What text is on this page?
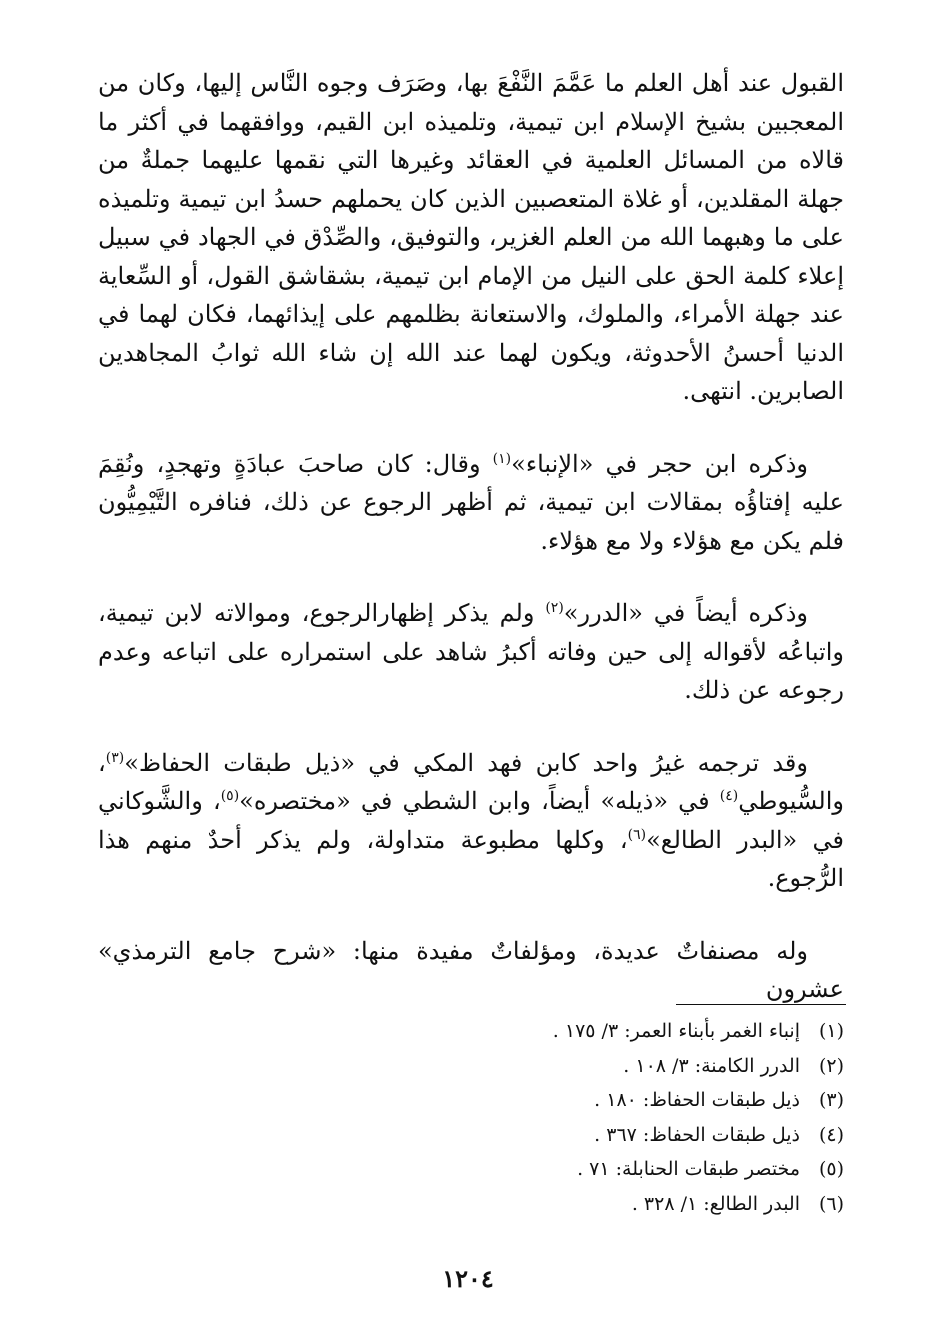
القبول عند أهل العلم ما عَمَّمَ النَّفْعَ بها، وصَرَف وجوه النَّاس إليها، وكان من المعجبين بشيخ الإسلام ابن تيمية، وتلميذه ابن القيم، ووافقهما في أكثر ما قالاه من المسائل العلمية في العقائد وغيرها التي نقمها عليهما جملةٌ من جهلة المقلدين، أو غلاة المتعصبين الذين كان يحملهم حسدُ ابن تيمية وتلميذه على ما وهبهما الله من العلم الغزير، والتوفيق، والصِّدْق في الجهاد في سبيل إعلاء كلمة الحق على النيل من الإمام ابن تيمية، بشقاشق القول، أو السِّعاية عند جهلة الأمراء، والملوك، والاستعانة بظلمهم على إيذائهما، فكان لهما في الدنيا أحسنُ الأحدوثة، ويكون لهما عند الله إن شاء الله ثوابُ المجاهدين الصابرين. انتهى.

وذكره ابن حجر في «الإنباء»$^{(١)}$ وقال: كان صاحبَ عبادَةٍ وتهجدٍ، ونُقِمَ عليه إفتاؤُه بمقالات ابن تيمية، ثم أظهر الرجوع عن ذلك، فنافره التَّيْمِيُّون فلم يكن مع هؤلاء ولا مع هؤلاء.

وذكره أيضاً في «الدرر»$^{(٢)}$ ولم يذكر إظهارالرجوع، وموالاته لابن تيمية، واتباعُه لأقواله إلى حين وفاته أكبرُ شاهد على استمراره على اتباعه وعدم رجوعه عن ذلك.

وقد ترجمه غيرُ واحد كابن فهد المكي في «ذيل طبقات الحفاظ»$^{(٣)}$، والسُّيوطي$^{(٤)}$ في «ذيله» أيضاً، وابن الشطي في «مختصره»$^{(٥)}$، والشَّوكاني في «البدر الطالع»$^{(٦)}$، وكلها مطبوعة متداولة، ولم يذكر أحدٌ منهم هذا الرُّجوع.

وله مصنفاتٌ عديدة، ومؤلفاتٌ مفيدة منها: «شرح جامع الترمذي» عشرون

(١)إنباء الغمر بأبناء العمر: ٣/ ١٧٥ .
(٢)الدرر الكامنة: ٣/ ١٠٨ .
(٣)ذيل طبقات الحفاظ: ١٨٠ .
(٤)ذيل طبقات الحفاظ: ٣٦٧ .
(٥)مختصر طبقات الحنابلة: ٧١ .
(٦)البدر الطالع: ١/ ٣٢٨ .
١٢٠٤
